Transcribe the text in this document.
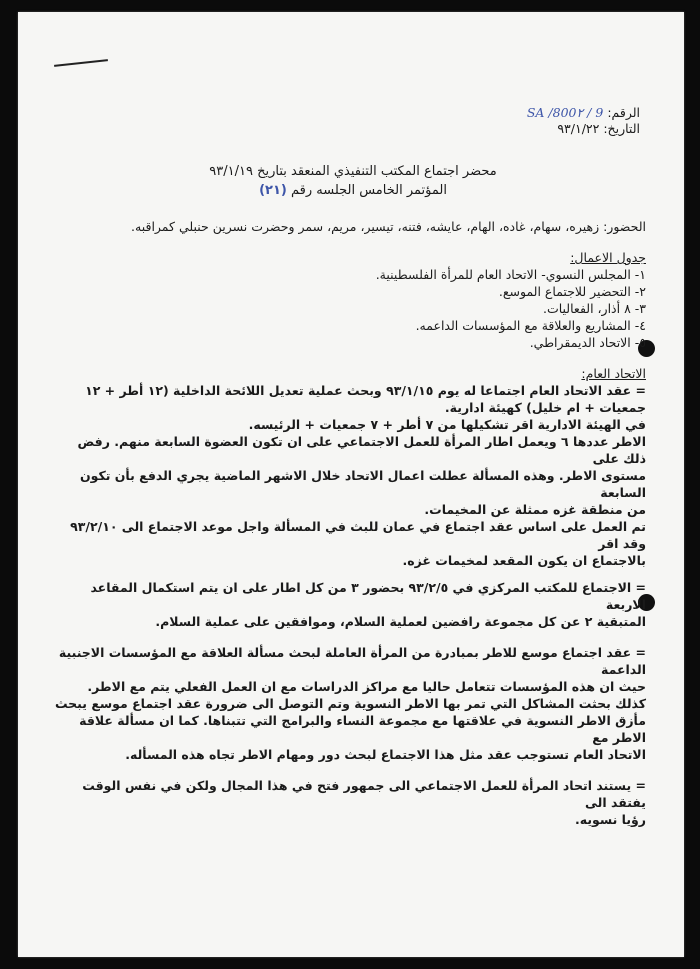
الرقم: 9 / 800٢/ SA
التاريخ: ٩٣/١/٢٢
محضر اجتماع المكتب التنفيذي المنعقد بتاريخ ٩٣/١/١٩
المؤتمر الخامس الجلسه رقم (٢١)

الحضور: زهيره، سهام، غاده، الهام، عايشه، فتنه، تيسير، مريم، سمر وحضرت نسرين حنبلي كمراقبه.

جدول الاعمال:

١- المجلس النسوي- الاتحاد العام للمرأة الفلسطينية.

٢- التحضير للاجتماع الموسع.

٣- ٨ أذار، الفعاليات.

٤- المشاريع والعلاقة مع المؤسسات الداعمه.

٥- الاتحاد الديمقراطي.

الاتحاد العام:

= عقد الاتحاد العام اجتماعا له يوم ٩٣/١/١٥ وبحث عملية تعديل اللائحة الداخلية (١٢ أطر + ١٢

جمعيات + ام خليل) كهيئة ادارية.

في الهيئة الادارية اقر تشكيلها من ٧ أطر + ٧ جمعيات + الرئيسه.

الاطر عددها ٦ ويعمل اطار المرأة للعمل الاجتماعي على ان تكون العضوة السابعة منهم. رفض ذلك على

مستوى الاطر. وهذه المسألة عطلت اعمال الاتحاد خلال الاشهر الماضية يجري الدفع بأن تكون السابعة

من منطقة غزه ممثلة عن المخيمات.

تم العمل على اساس عقد اجتماع في عمان للبث في المسألة واجل موعد الاجتماع الى ٩٣/٢/١٠ وقد اقر

بالاجتماع ان يكون المقعد لمخيمات غزه.

= الاجتماع للمكتب المركزي في ٩٣/٢/٥ بحضور ٣ من كل اطار على ان يتم استكمال المقاعد الاربعة

المتبقية ٢ عن كل مجموعة رافضين لعملية السلام، وموافقين على عملية السلام.

= عقد اجتماع موسع للاطر بمبادرة من المرأة العاملة لبحث مسألة العلاقة مع المؤسسات الاجنبية الداعمة

حيث ان هذه المؤسسات تتعامل حاليا مع مراكز الدراسات مع ان العمل الفعلي يتم مع الاطر.

كذلك بحثت المشاكل التي تمر بها الاطر النسوية وتم التوصل الى ضرورة عقد اجتماع موسع يبحث

مأزق الاطر النسوية في علاقتها مع مجموعة النساء والبرامج التي تتبناها. كما ان مسألة علاقة الاطر مع

الاتحاد العام تستوجب عقد مثل هذا الاجتماع لبحث دور ومهام الاطر تجاه هذه المسأله.

= يستند اتحاد المرأة للعمل الاجتماعي الى جمهور فتح في هذا المجال ولكن في نفس الوقت يفتقد الى

رؤيا نسويه.
